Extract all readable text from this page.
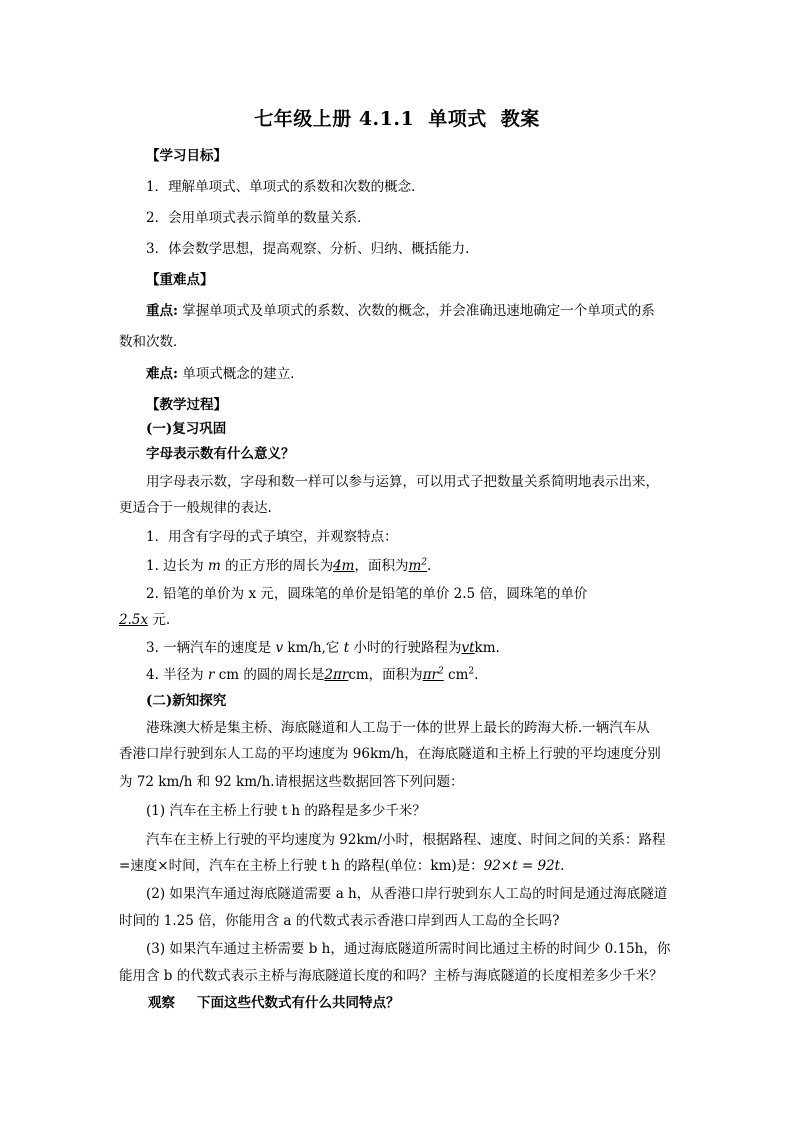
七年级上册 4.1.1 单项式 教案
【学习目标】
1．理解单项式、单项式的系数和次数的概念．
2．会用单项式表示简单的数量关系．
3．体会数学思想，提高观察、分析、归纳、概括能力．
【重难点】
重点: 掌握单项式及单项式的系数、次数的概念，并会准确迅速地确定一个单项式的系
数和次数．
难点: 单项式概念的建立．
【教学过程】
(一)复习巩固
字母表示数有什么意义？
用字母表示数，字母和数一样可以参与运算，可以用式子把数量关系简明地表示出来，
更适合于一般规律的表达.
1．用含有字母的式子填空，并观察特点：
1. 边长为 m 的正方形的周长为4m，面积为$m^2$.
2. 铅笔的单价为 x 元，圆珠笔的单价是铅笔的单价 2.5 倍，圆珠笔的单价
2.5x 元.
3. 一辆汽车的速度是 v km/h,它 t 小时的行驶路程为vtkm.
4. 半径为 r cm 的圆的周长是2πrcm，面积为$\pi r^2$ $cm^2$.
(二)新知探究
港珠澳大桥是集主桥、海底隧道和人工岛于一体的世界上最长的跨海大桥.一辆汽车从
香港口岸行驶到东人工岛的平均速度为 96km/h，在海底隧道和主桥上行驶的平均速度分别
为 72 km/h 和 92 km/h.请根据这些数据回答下列问题：
(1) 汽车在主桥上行驶 t h 的路程是多少千米？
汽车在主桥上行驶的平均速度为 92km/小时，根据路程、速度、时间之间的关系：路程
=速度×时间，汽车在主桥上行驶 t h 的路程(单位：km)是：92×t = 92t.
(2) 如果汽车通过海底隧道需要 a h，从香港口岸行驶到东人工岛的时间是通过海底隧道
时间的 1.25 倍，你能用含 a 的代数式表示香港口岸到西人工岛的全长吗?
(3) 如果汽车通过主桥需要 b h，通过海底隧道所需时间比通过主桥的时间少 0.15h，你
能用含 b 的代数式表示主桥与海底隧道长度的和吗？主桥与海底隧道的长度相差多少千米？
观察 下面这些代数式有什么共同特点？
